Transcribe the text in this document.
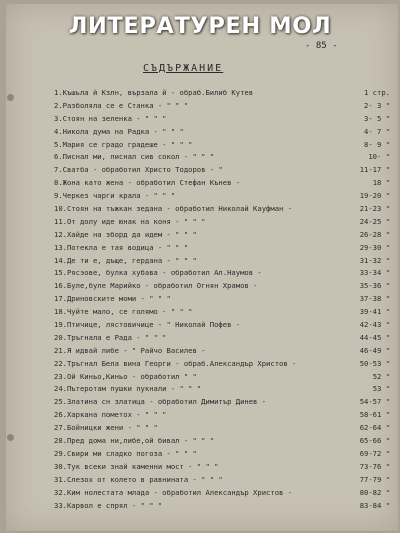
ЛИТЕРАТУРЕН МОЛ
- 85 -
СЪДЪРЖАНИЕ
1.Къшьла й Кзлн, вързала й - обраб.Билиб Кутев	1 стр.
2.Разболяла се е Станка - " " "	2- 3 "
3.Стоян на зеленка - " " "	3- 5 "
4.Никола дума на Радка - " " "	4- 7 "
5.Мария се градо градеше - " " "	8- 9 "
6.Писнал ми, писнал сив сокол - " " "	10- "
7.Сватба - обработил Христо Тодоров - "	11-17 "
8.Жона като жена - обработил Стефан Кънев -	18 "
9.Черкез чарги крала - " " "	19-20 "
10.Стоян на тъжкан зедана - обработил Николай Кауфман -	21-23 "
11.От долу иде юнак на коня - " " "	24-25 "
12.Хайде на зборд да идем - " " "	26-28 "
13.Потекла е тая водица - " " "	29-30 "
14.Де ти е, дъще, гердана - " " "	31-32 "
15.Рясэове, булка хубава - обработил Ал.Наумов -	33-34 "
16.Буле,буле Марийко - обработил Огнян Храмов -	35-36 "
17.Дриновските моми - " " "	37-38 "
18.Чуйте мало, се голямо - " " "	39-41 "
19.Птичице, лястовичице - " Николай Пофев -	42-43 "
20.Тръгнала е Рада - " " "	44-45 "
21.Я идвай либе - " Райчо Василев -	46-49 "
22.Тръгнал Бела вина Георги - обраб.Александър Христов -	50-53 "
23.Ой Киньо,Киньо - обработил " "	52 "
24.Пътеротам пушки пукнали - " " "	53 "
25.Златина сн златица - обработил Димитър Динев -	54-57 "
26.Харкана пометох - " " "	58-61 "
27.Бойницки жени - " " "	62-64 "
28.Пред дома ни,либе,ой бивал - " " "	65-66 "
29.Свири ми сладко погоза - " " "	69-72 "
30.Тук всеки знай каменни мост - " " "	73-76 "
31.Слезох от колето в равнината - " " "	77-79 "
32.Ким нолестата млада - обработил Александър Христов -	80-82 "
33.Карвол е спрял - " " "	83-84 "
